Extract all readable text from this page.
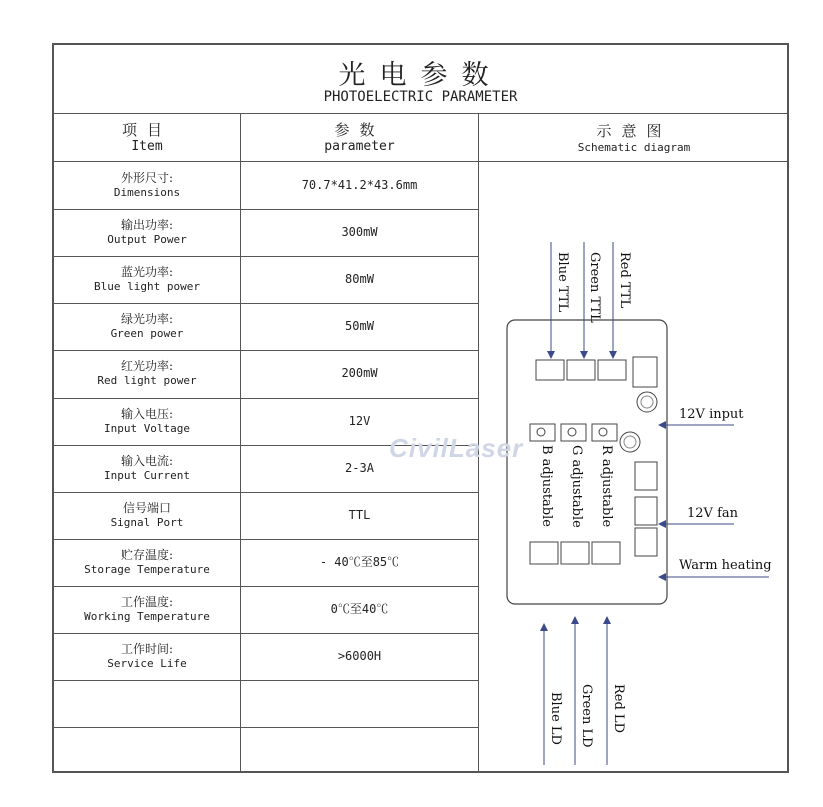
光电参数
PHOTOELECTRIC PARAMETER
项目
Item
参数
parameter
示意图
Schematic diagram
外形尺寸:
Dimensions
70.7*41.2*43.6mm
输出功率:
Output Power
300mW
蓝光功率:
Blue light power
80mW
绿光功率:
Green power
50mW
红光功率:
Red light power
200mW
输入电压:
Input Voltage
12V
输入电流:
Input Current
2-3A
信号端口
Signal Port
TTL
贮存温度:
Storage Temperature
- 40℃至85℃
工作温度:
Working Temperature
0℃至40℃
工作时间:
Service Life
>6000H
Blue TTL Green TTL Red TTL
B adjustable G adjustable R adjustable
Blue LD Green LD Red LD
12V input
12V fan
Warm heating
CivilLaser
